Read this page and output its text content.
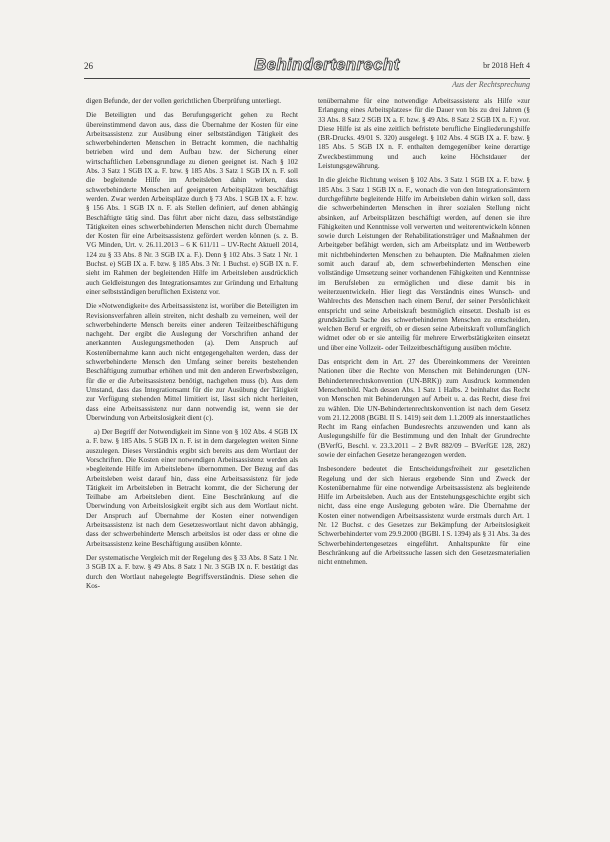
26	Behindertenrecht	br 2018 Heft 4
Aus der Rechtsprechung

digen Befunde, der der vollen gerichtlichen Überprüfung unterliegt.

Die Beteiligten und das Berufungsgericht gehen zu Recht übereinstimmend davon aus, dass die Übernahme der Kosten für eine Arbeitsassistenz zur Ausübung einer selbstständigen Tätigkeit des schwerbehinderten Menschen in Betracht kommen, die nachhaltig betrieben wird und dem Aufbau bzw. der Sicherung einer wirtschaftlichen Lebensgrundlage zu dienen geeignet ist. Nach § 102 Abs. 3 Satz 1 SGB IX a. F. bzw. § 185 Abs. 3 Satz 1 SGB IX n. F. soll die begleitende Hilfe im Arbeitsleben dahin wirken, dass schwerbehinderte Menschen auf geeigneten Arbeitsplätzen beschäftigt werden. Zwar werden Arbeitsplätze durch § 73 Abs. 1 SGB IX a. F. bzw. § 156 Abs. 1 SGB IX n. F. als Stellen definiert, auf denen abhängig Beschäftigte tätig sind. Das führt aber nicht dazu, dass selbstständige Tätigkeiten eines schwerbehinderten Menschen nicht durch Übernahme der Kosten für eine Arbeitsassistenz gefördert werden können (s. z. B. VG Minden, Urt. v. 26.11.2013 – 6 K 611/11 – UV-Recht Aktuell 2014, 124 zu § 33 Abs. 8 Nr. 3 SGB IX a. F.). Denn § 102 Abs. 3 Satz 1 Nr. 1 Buchst. e) SGB IX a. F. bzw. § 185 Abs. 3 Nr. 1 Buchst. e) SGB IX n. F. sieht im Rahmen der begleitenden Hilfe im Arbeitsleben ausdrücklich auch Geldleistungen des Integrationsamtes zur Gründung und Erhaltung einer selbstständigen beruflichen Existenz vor.

Die »Notwendigkeit« des Arbeitsassistenz ist, worüber die Beteiligten im Revisionsverfahren allein streiten, nicht deshalb zu verneinen, weil der schwerbehinderte Mensch bereits einer anderen Teilzeitbeschäftigung nachgeht. Der ergibt die Auslegung der Vorschriften anhand der anerkannten Auslegungsmethoden (a). Dem Anspruch auf Kostenübernahme kann auch nicht entgegengehalten werden, dass der schwerbehinderte Mensch den Umfang seiner bereits bestehenden Beschäftigung zumutbar erhöhen und mit den anderen Erwerbsbezügen, für die er die Arbeitsassistenz benötigt, nachgehen muss (b). Aus dem Umstand, dass das Integrationsamt für die zur Ausübung der Tätigkeit zur Verfügung stehenden Mittel limitiert ist, lässt sich nicht herleiten, dass eine Arbeitsassistenz nur dann notwendig ist, wenn sie der Überwindung von Arbeitslosigkeit dient (c).

a) Der Begriff der Notwendigkeit im Sinne von § 102 Abs. 4 SGB IX a. F. bzw. § 185 Abs. 5 SGB IX n. F. ist in dem dargelegten weiten Sinne auszulegen. Dieses Verständnis ergibt sich bereits aus dem Wortlaut der Vorschriften. Die Kosten einer notwendigen Arbeitsassistenz werden als »begleitende Hilfe im Arbeitsleben« übernommen. Der Bezug auf das Arbeitsleben weist darauf hin, dass eine Arbeitsassistenz für jede Tätigkeit im Arbeitsleben in Betracht kommt, die der Sicherung der Teilhabe am Arbeitsleben dient. Eine Beschränkung auf die Überwindung von Arbeitslosigkeit ergibt sich aus dem Wortlaut nicht. Der Anspruch auf Übernahme der Kosten einer notwendigen Arbeitsassistenz ist nach dem Gesetzeswortlaut nicht davon abhängig, dass der schwerbehinderte Mensch arbeitslos ist oder dass er ohne die Arbeitsassistenz keine Beschäftigung ausüben könnte.

Der systematische Vergleich mit der Regelung des § 33 Abs. 8 Satz 1 Nr. 3 SGB IX a. F. bzw. § 49 Abs. 8 Satz 1 Nr. 3 SGB IX n. F. bestätigt das durch den Wortlaut nahegelegte Begriffsverständnis. Diese sehen die Kos-

tenübernahme für eine notwendige Arbeitsassistenz als Hilfe »zur Erlangung eines Arbeitsplatzes« für die Dauer von bis zu drei Jahren (§ 33 Abs. 8 Satz 2 SGB IX a. F. bzw. § 49 Abs. 8 Satz 2 SGB IX n. F.) vor. Diese Hilfe ist als eine zeitlich befristete berufliche Eingliederungshilfe (BR-Drucks. 49/01 S. 320) ausgelegt. § 102 Abs. 4 SGB IX a. F. bzw. § 185 Abs. 5 SGB IX n. F. enthalten demgegenüber keine derartige Zweckbestimmung und auch keine Höchstdauer der Leistungsgewährung.

In die gleiche Richtung weisen § 102 Abs. 3 Satz 1 SGB IX a. F. bzw. § 185 Abs. 3 Satz 1 SGB IX n. F., wonach die von den Integrationsämtern durchgeführte begleitende Hilfe im Arbeitsleben dahin wirken soll, dass die schwerbehinderten Menschen in ihrer sozialen Stellung nicht absinken, auf Arbeitsplätzen beschäftigt werden, auf denen sie ihre Fähigkeiten und Kenntnisse voll verwerten und weiterentwickeln können sowie durch Leistungen der Rehabilitationsträger und Maßnahmen der Arbeitgeber befähigt werden, sich am Arbeitsplatz und im Wettbewerb mit nichtbehinderten Menschen zu behaupten. Die Maßnahmen zielen somit auch darauf ab, dem schwerbehinderten Menschen eine vollständige Umsetzung seiner vorhandenen Fähigkeiten und Kenntnisse im Berufsleben zu ermöglichen und diese damit bis in weiterzuentwickeln. Hier liegt das Verständnis eines Wunsch- und Wahlrechts des Menschen nach einem Beruf, der seiner Persönlichkeit entspricht und seine Arbeitskraft bestmöglich einsetzt. Deshalb ist es grundsätzlich Sache des schwerbehinderten Menschen zu entscheiden, welchen Beruf er ergreift, ob er diesen seine Arbeitskraft vollumfänglich widmet oder ob er sie anteilig für mehrere Erwerbstätigkeiten einsetzt und über eine Vollzeit- oder Teilzeitbeschäftigung ausüben möchte.

Das entspricht dem in Art. 27 des Übereinkommens der Vereinten Nationen über die Rechte von Menschen mit Behinderungen (UN-Behindertenrechtskonvention (UN-BRK)) zum Ausdruck kommenden Menschenbild. Nach dessen Abs. 1 Satz 1 Halbs. 2 beinhaltet das Recht von Menschen mit Behinderungen auf Arbeit u. a. das Recht, diese frei zu wählen. Die UN-Behindertenrechtskonvention ist nach dem Gesetz vom 21.12.2008 (BGBl. II S. 1419) seit dem 1.1.2009 als innerstaatliches Recht im Rang einfachen Bundesrechts anzuwenden und kann als Auslegungshilfe für die Bestimmung und den Inhalt der Grundrechte (BVerfG, Beschl. v. 23.3.2011 – 2 BvR 882/09 – BVerfGE 128, 282) sowie der einfachen Gesetze herangezogen werden.

Insbesondere bedeutet die Entscheidungsfreiheit zur gesetzlichen Regelung und der sich hieraus ergebende Sinn und Zweck der Kostenübernahme für eine notwendige Arbeitsassistenz als begleitende Hilfe im Arbeitsleben. Auch aus der Entstehungsgeschichte ergibt sich nicht, dass eine enge Auslegung geboten wäre. Die Übernahme der Kosten einer notwendigen Arbeitsassistenz wurde erstmals durch Art. 1 Nr. 12 Buchst. c des Gesetzes zur Bekämpfung der Arbeitslosigkeit Schwerbehinderter vom 29.9.2000 (BGBl. I S. 1394) als § 31 Abs. 3a des Schwerbehindertengesetzes eingeführt. Anhaltspunkte für eine Beschränkung auf die Arbeitssuche lassen sich den Gesetzesmaterialien nicht entnehmen.
